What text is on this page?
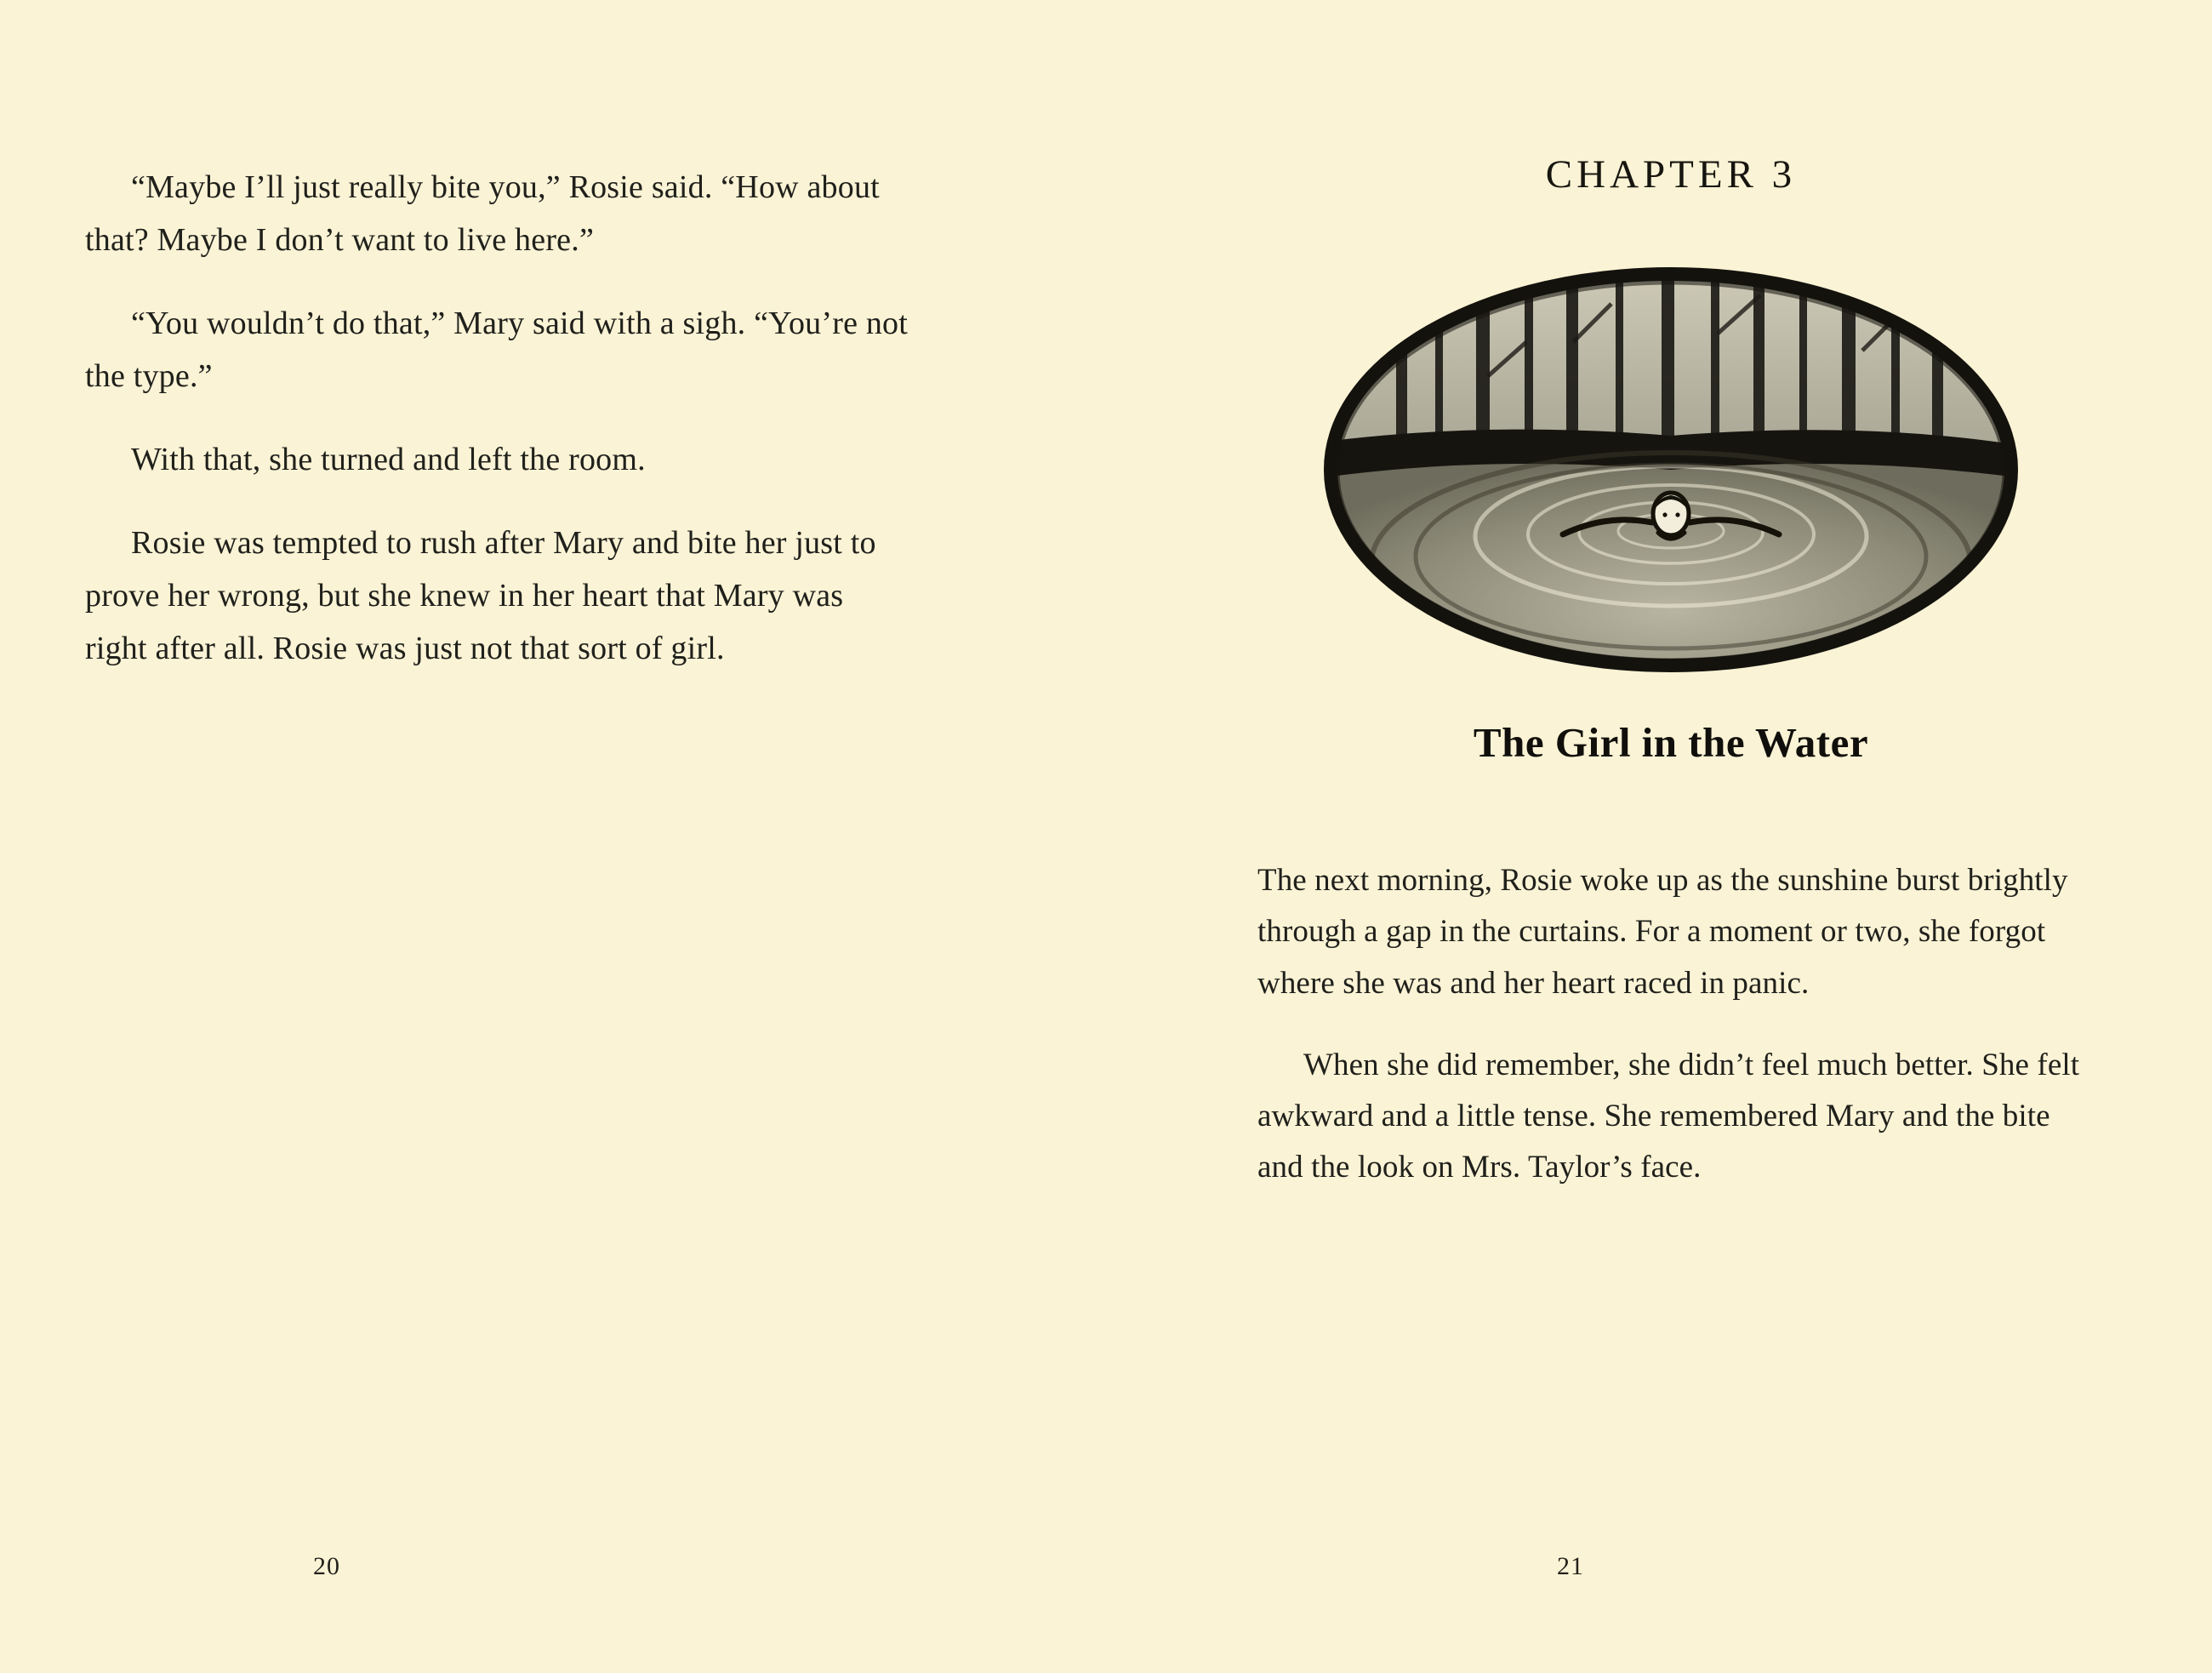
“Maybe I’ll just really bite you,” Rosie said. “How about that? Maybe I don’t want to live here.”

“You wouldn’t do that,” Mary said with a sigh. “You’re not the type.”

With that, she turned and left the room.

Rosie was tempted to rush after Mary and bite her just to prove her wrong, but she knew in her heart that Mary was right after all. Rosie was just not that sort of girl.

20
CHAPTER 3
The Girl in the Water

The next morning, Rosie woke up as the sunshine burst brightly through a gap in the curtains. For a moment or two, she forgot where she was and her heart raced in panic.

When she did remember, she didn’t feel much better. She felt awkward and a little tense. She remembered Mary and the bite and the look on Mrs. Taylor’s face.

21
